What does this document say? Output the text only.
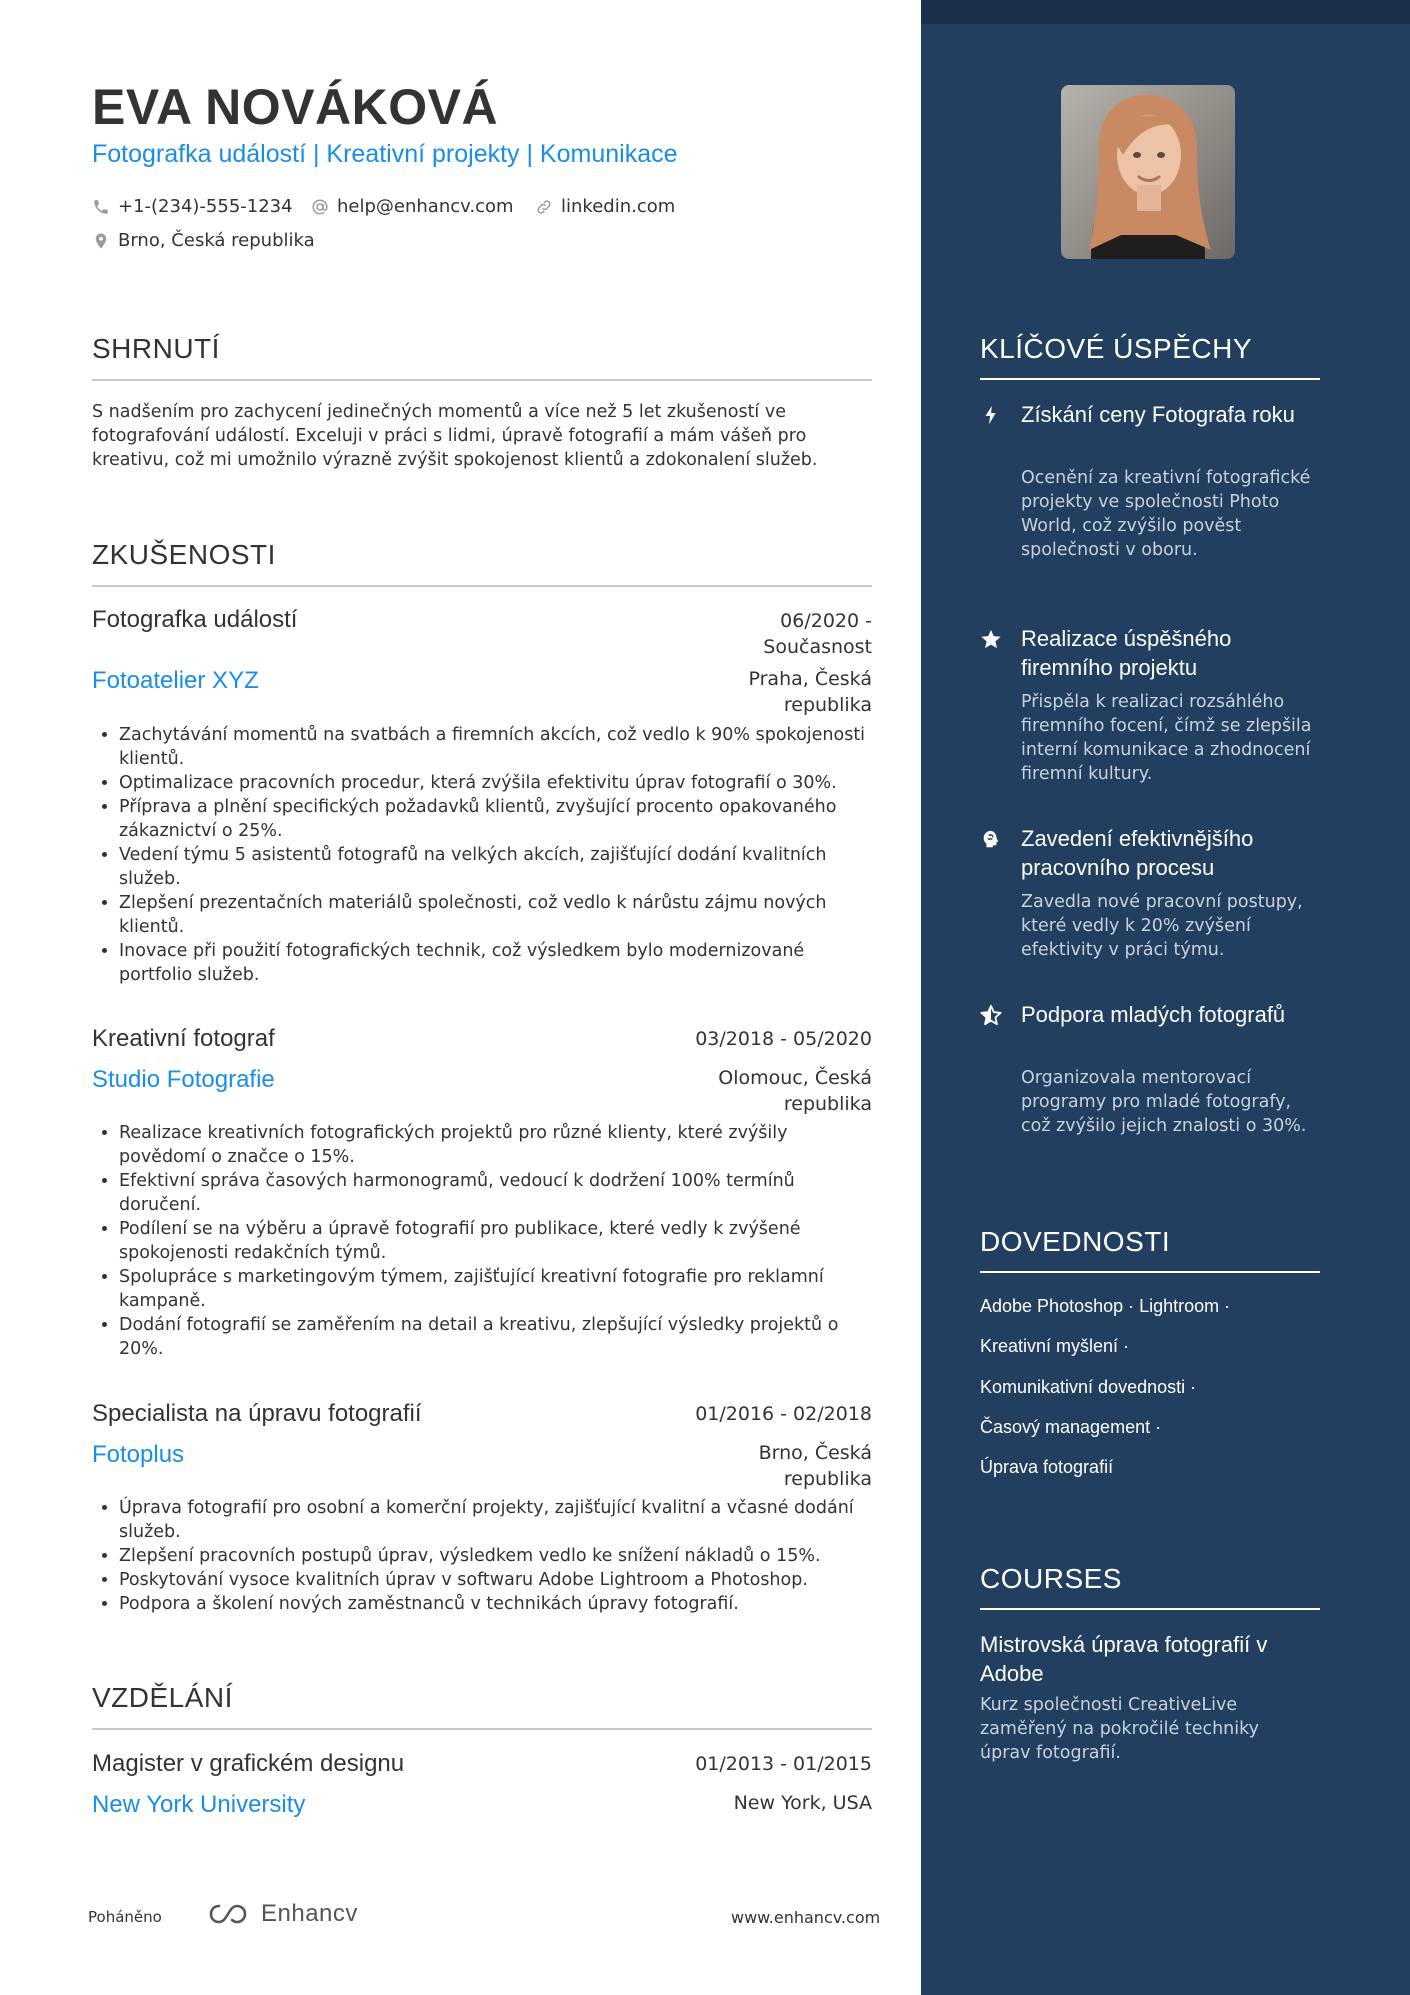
EVA NOVÁKOVÁ
Fotografka událostí | Kreativní projekty | Komunikace
+1-(234)-555-1234 help@enhancv.com	linkedin.com
Brno, Česká republika
SHRNUTÍ
S nadšením pro zachycení jedinečných momentů a více než 5 let zkušeností ve fotografování událostí. Exceluji v práci s lidmi, úpravě fotografií a mám vášeň pro kreativu, což mi umožnilo výrazně zvýšit spokojenost klientů a zdokonalení služeb.
ZKUŠENOSTI
Fotografka událostí	06/2020 -
Současnost
Fotoatelier XYZ	Praha, Česká
republika
• Zachytávání momentů na svatbách a firemních akcích, což vedlo k 90% spokojenosti klientů.
• Optimalizace pracovních procedur, která zvýšila efektivitu úprav fotografií o 30%.
• Příprava a plnění specifických požadavků klientů, zvyšující procento opakovaného zákaznictví o 25%.
• Vedení týmu 5 asistentů fotografů na velkých akcích, zajišťující dodání kvalitních služeb.
• Zlepšení prezentačních materiálů společnosti, což vedlo k nárůstu zájmu nových klientů.
• Inovace při použití fotografických technik, což výsledkem bylo modernizované portfolio služeb.
Kreativní fotograf	03/2018 - 05/2020
Studio Fotografie	Olomouc, Česká
republika
• Realizace kreativních fotografických projektů pro různé klienty, které zvýšily povědomí o značce o 15%.
• Efektivní správa časových harmonogramů, vedoucí k dodržení 100% termínů doručení.
• Podílení se na výběru a úpravě fotografií pro publikace, které vedly k zvýšené spokojenosti redakčních týmů.
• Spolupráce s marketingovým týmem, zajišťující kreativní fotografie pro reklamní kampaně.
• Dodání fotografií se zaměřením na detail a kreativu, zlepšující výsledky projektů o 20%.
Specialista na úpravu fotografií	01/2016 - 02/2018
Fotoplus	Brno, Česká
republika
• Úprava fotografií pro osobní a komerční projekty, zajišťující kvalitní a včasné dodání služeb.
• Zlepšení pracovních postupů úprav, výsledkem vedlo ke snížení nákladů o 15%.
• Poskytování vysoce kvalitních úprav v softwaru Adobe Lightroom a Photoshop.
• Podpora a školení nových zaměstnanců v technikách úpravy fotografií.
VZDĚLÁNÍ
Magister v grafickém designu	01/2013 - 01/2015
New York University	New York, USA
Poháněno	Enhancv	www.enhancv.com
KLÍČOVÉ ÚSPĚCHY
Získání ceny Fotografa roku
Ocenění za kreativní fotografické projekty ve společnosti Photo World, což zvýšilo pověst společnosti v oboru.
Realizace úspěšného firemního projektu
Přispěla k realizaci rozsáhlého firemního focení, čímž se zlepšila interní komunikace a zhodnocení firemní kultury.
Zavedení efektivnějšího pracovního procesu
Zavedla nové pracovní postupy, které vedly k 20% zvýšení efektivity v práci týmu.
Podpora mladých fotografů
Organizovala mentorovací programy pro mladé fotografy, což zvýšilo jejich znalosti o 30%.
DOVEDNOSTI
Adobe Photoshop · Lightroom ·
Kreativní myšlení ·
Komunikativní dovednosti ·
Časový management ·
Úprava fotografií
COURSES
Mistrovská úprava fotografií v Adobe
Kurz společnosti CreativeLive zaměřený na pokročilé techniky úprav fotografií.
